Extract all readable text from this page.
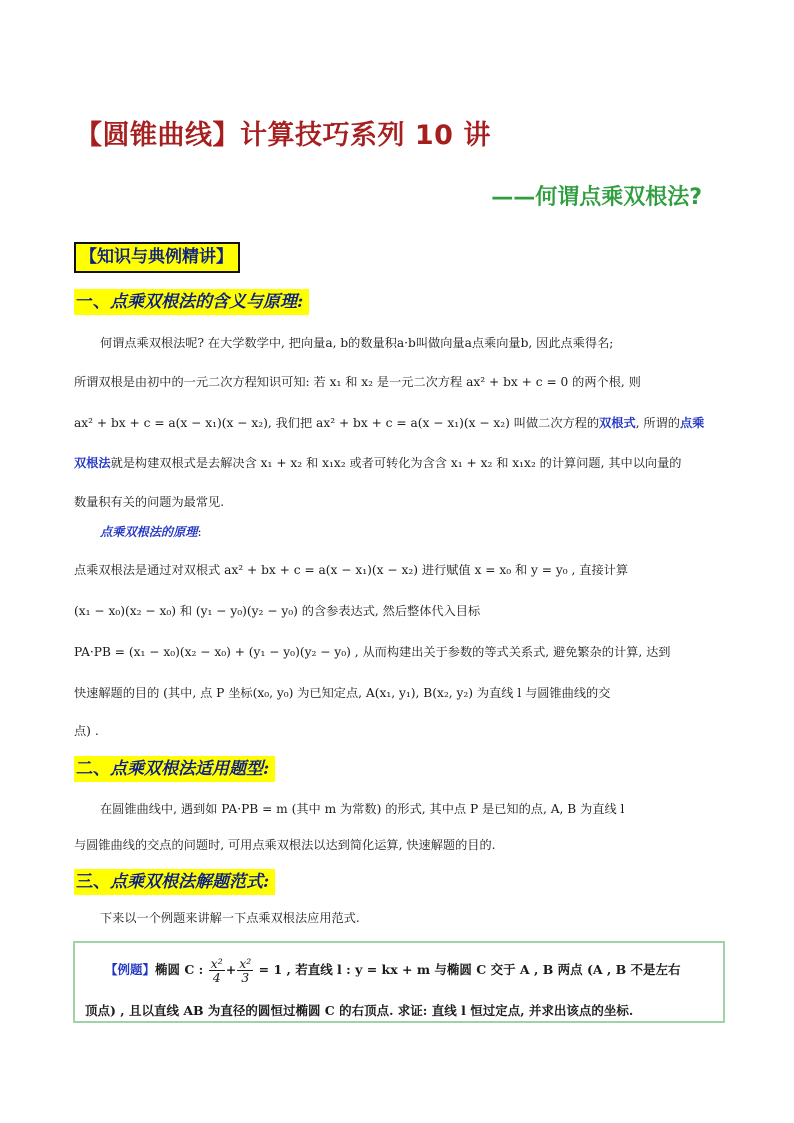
【圆锥曲线】计算技巧系列 10 讲
——何谓点乘双根法?
【知识与典例精讲】
一、点乘双根法的含义与原理:
何谓点乘双根法呢? 在大学数学中, 把向量a, b的数量积a·b叫做向量a点乘向量b, 因此点乘得名;
所谓双根是由初中的一元二次方程知识可知: 若 x₁ 和 x₂ 是一元二次方程 ax² + bx + c = 0 的两个根, 则
ax² + bx + c = a(x − x₁)(x − x₂), 我们把 ax² + bx + c = a(x − x₁)(x − x₂) 叫做二次方程的双根式, 所谓的点乘
双根法就是构建双根式是去解决含 x₁ + x₂ 和 x₁x₂ 或者可转化为含含 x₁ + x₂ 和 x₁x₂ 的计算问题, 其中以向量的
数量积有关的问题为最常见.
点乘双根法的原理:
点乘双根法是通过对双根式 ax² + bx + c = a(x − x₁)(x − x₂) 进行赋值 x = x₀ 和 y = y₀ , 直接计算
(x₁ − x₀)(x₂ − x₀) 和 (y₁ − y₀)(y₂ − y₀) 的含参表达式, 然后整体代入目标
PA·PB = (x₁ − x₀)(x₂ − x₀) + (y₁ − y₀)(y₂ − y₀) , 从而构建出关于参数的等式关系式, 避免繁杂的计算, 达到
快速解题的目的 (其中, 点 P 坐标(x₀, y₀) 为已知定点, A(x₁, y₁), B(x₂, y₂) 为直线 l 与圆锥曲线的交
点) .
二、点乘双根法适用题型:
在圆锥曲线中, 遇到如 PA·PB = m (其中 m 为常数) 的形式, 其中点 P 是已知的点, A, B 为直线 l
与圆锥曲线的交点的问题时, 可用点乘双根法以达到简化运算, 快速解题的目的.
三、点乘双根法解题范式:
下来以一个例题来讲解一下点乘双根法应用范式.
【例题】椭圆 C : $\frac{\text{x²}}{4} + \frac{\text{x²}}{3} = 1$ , 若直线 l : y = kx + m 与椭圆 C 交于 A , B 两点 (A , B 不是左右
顶点) , 且以直线 AB 为直径的圆恒过椭圆 C 的右顶点. 求证: 直线 l 恒过定点, 并求出该点的坐标.
